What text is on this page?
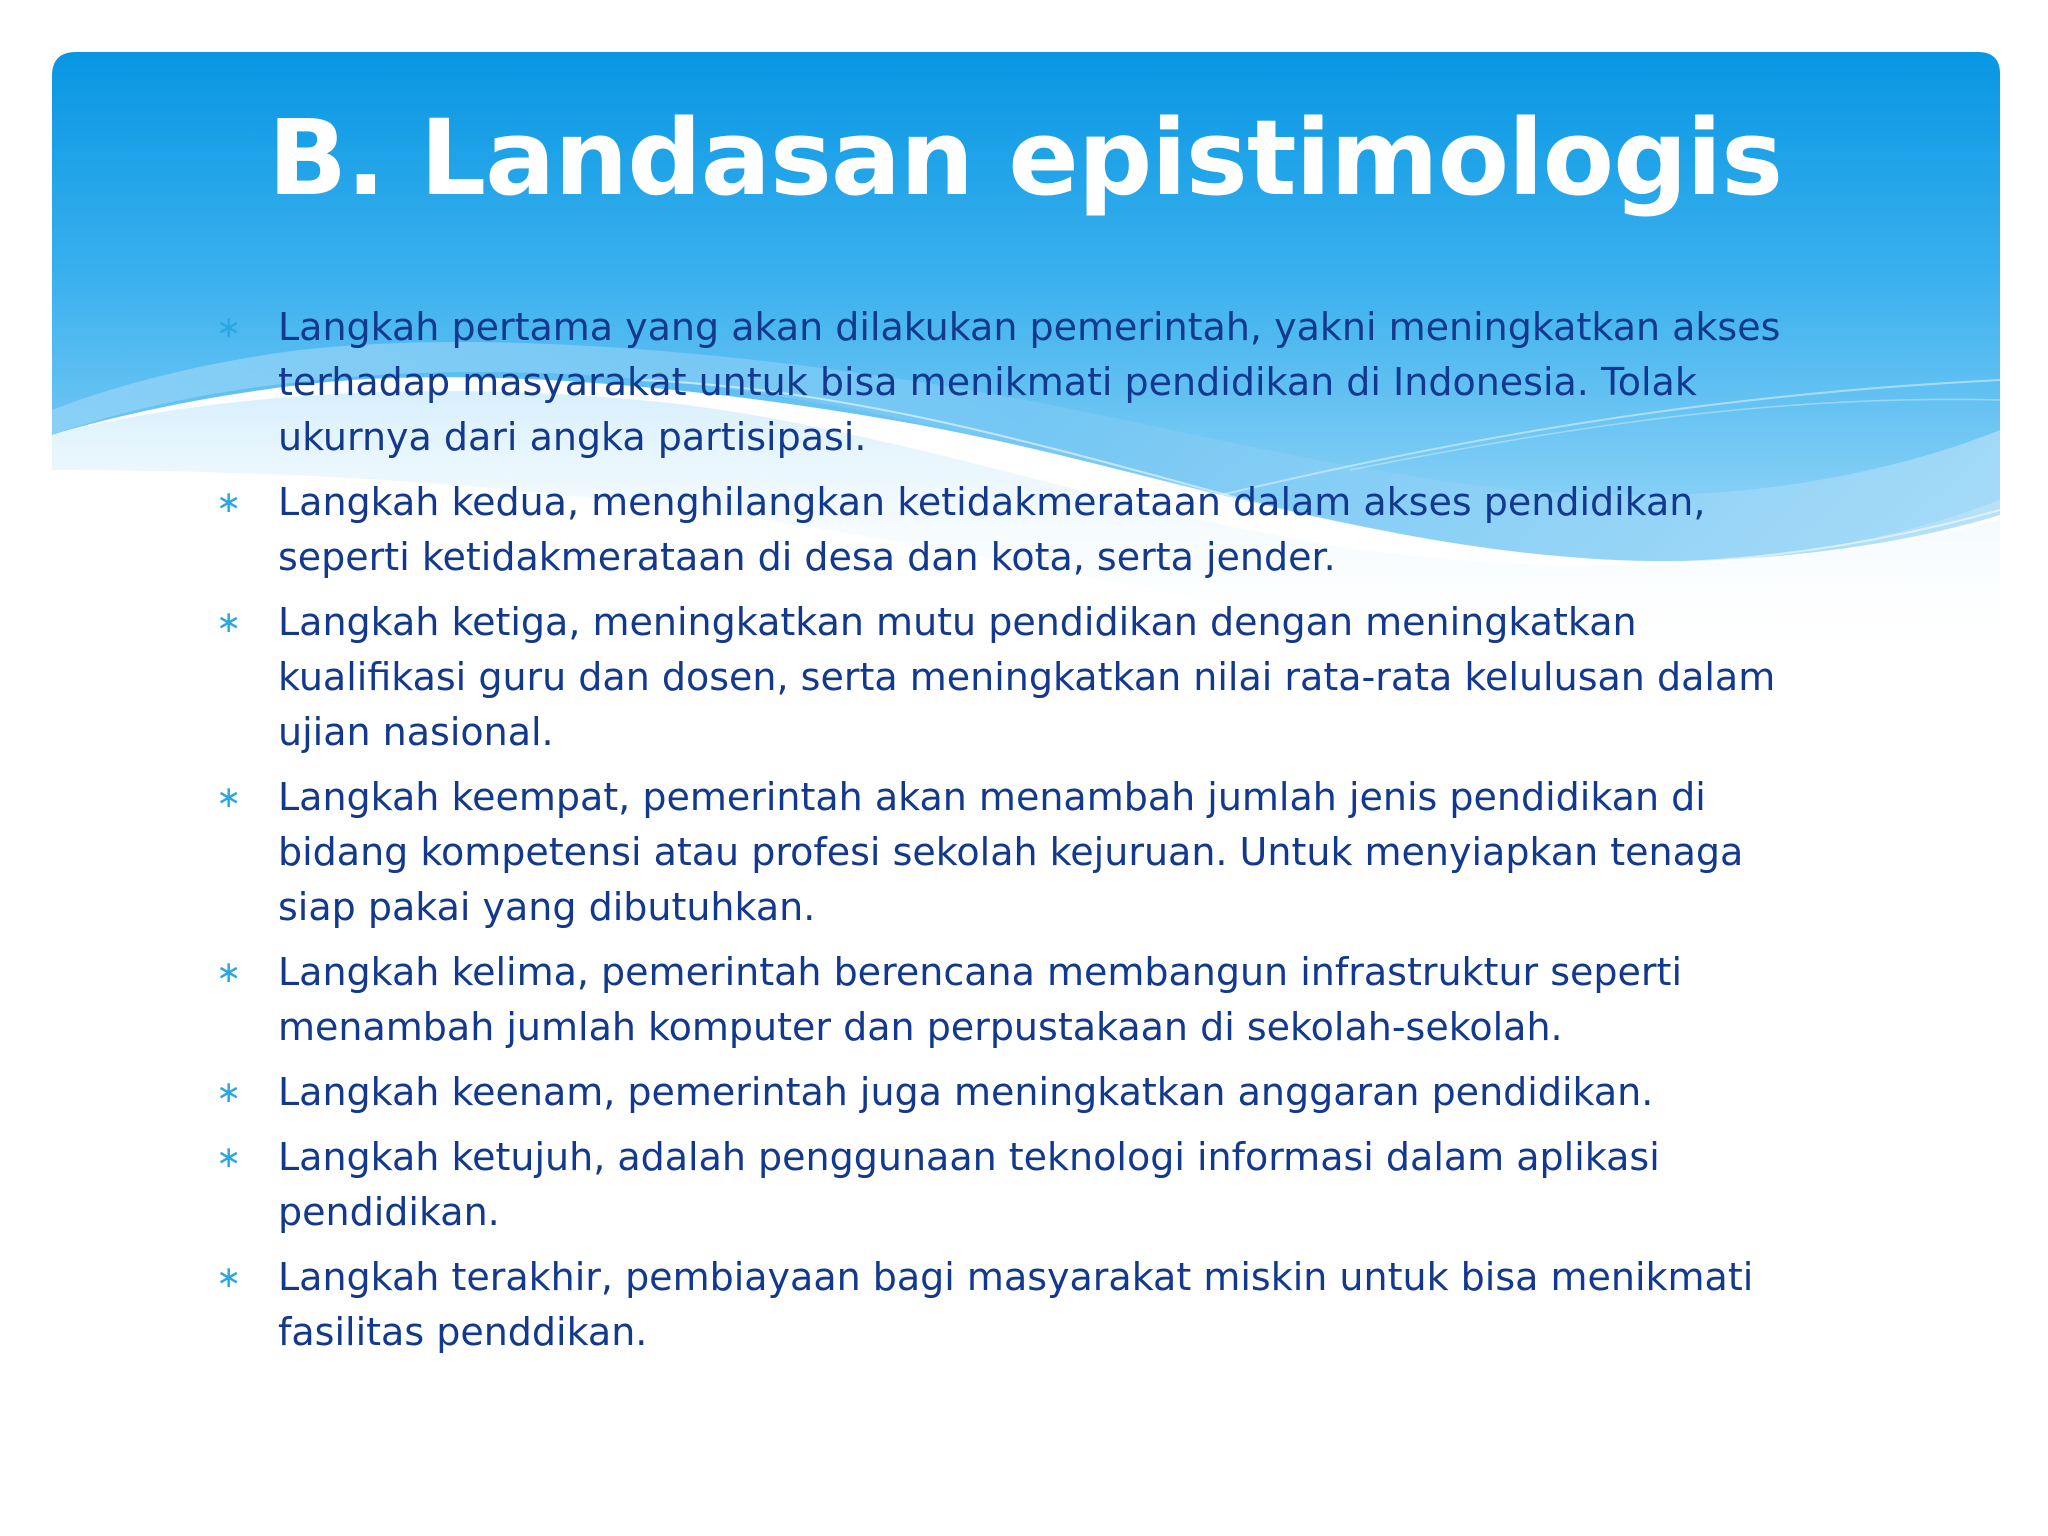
B. Landasan epistimologis
∗ Langkah pertama yang akan dilakukan pemerintah, yakni meningkatkan akses terhadap masyarakat untuk bisa menikmati pendidikan di Indonesia. Tolak ukurnya dari angka partisipasi.
∗ Langkah kedua, menghilangkan ketidakmerataan dalam akses pendidikan, seperti ketidakmerataan di desa dan kota, serta jender.
∗ Langkah ketiga, meningkatkan mutu pendidikan dengan meningkatkan kualifikasi guru dan dosen, serta meningkatkan nilai rata-rata kelulusan dalam ujian nasional.
∗ Langkah keempat, pemerintah akan menambah jumlah jenis pendidikan di bidang kompetensi atau profesi sekolah kejuruan. Untuk menyiapkan tenaga siap pakai yang dibutuhkan.
∗ Langkah kelima, pemerintah berencana membangun infrastruktur seperti menambah jumlah komputer dan perpustakaan di sekolah-sekolah.
∗ Langkah keenam, pemerintah juga meningkatkan anggaran pendidikan.
∗ Langkah ketujuh, adalah penggunaan teknologi informasi dalam aplikasi pendidikan.
∗ Langkah terakhir, pembiayaan bagi masyarakat miskin untuk bisa menikmati fasilitas penddikan.
